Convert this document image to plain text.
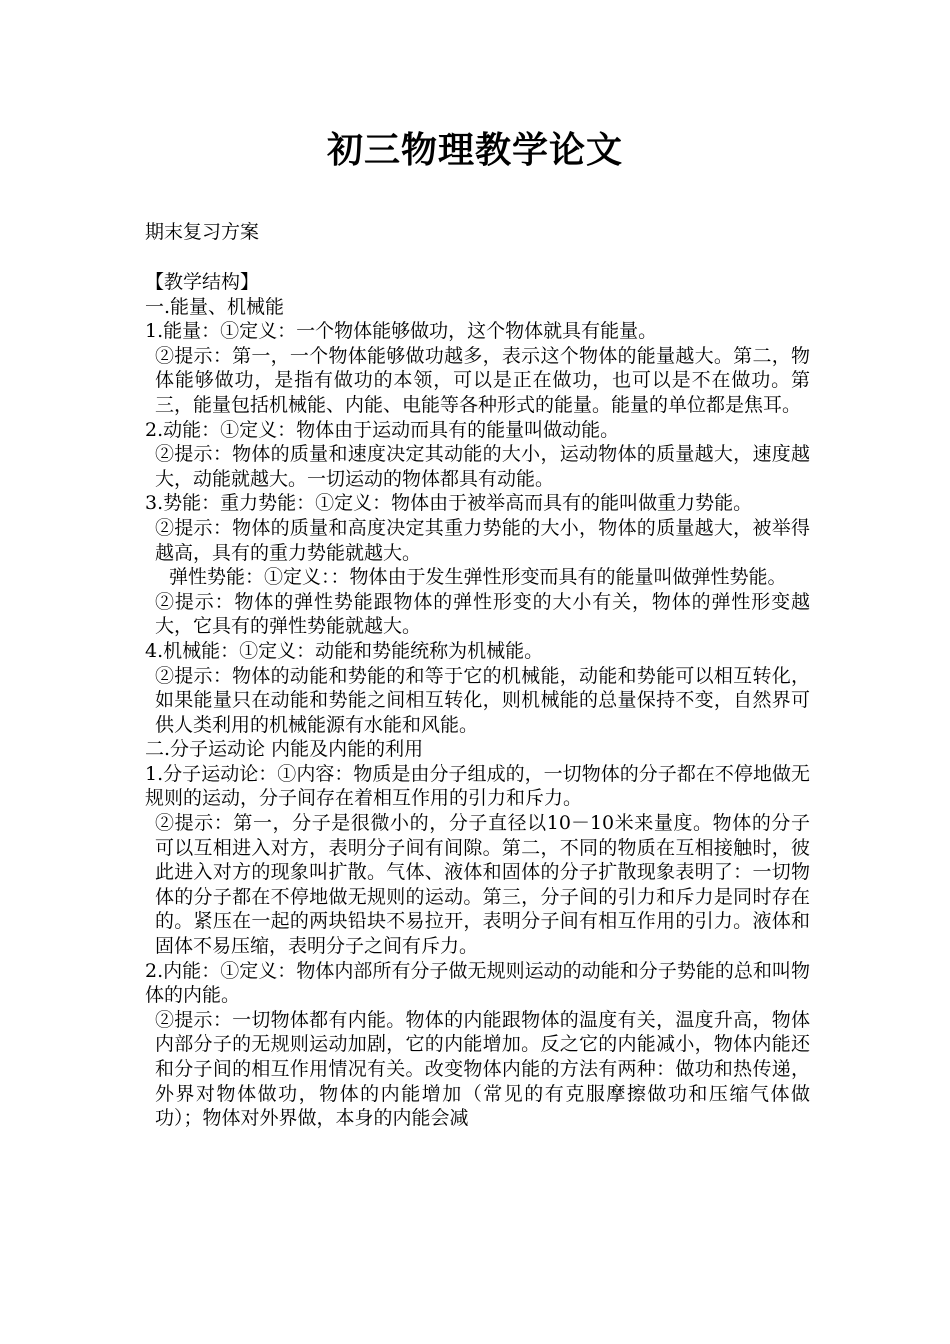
初三物理教学论文
期末复习方案

【教学结构】

一.能量、机械能

1.能量：①定义：一个物体能够做功，这个物体就具有能量。

②提示：第一，一个物体能够做功越多，表示这个物体的能量越大。第二，物体能够做功，是指有做功的本领，可以是正在做功，也可以是不在做功。第三，能量包括机械能、内能、电能等各种形式的能量。能量的单位都是焦耳。

2.动能：①定义：物体由于运动而具有的能量叫做动能。

②提示：物体的质量和速度决定其动能的大小，运动物体的质量越大，速度越大，动能就越大。一切运动的物体都具有动能。

3.势能：重力势能：①定义：物体由于被举高而具有的能叫做重力势能。

②提示：物体的质量和高度决定其重力势能的大小，物体的质量越大，被举得越高，具有的重力势能就越大。

弹性势能：①定义：：物体由于发生弹性形变而具有的能量叫做弹性势能。

②提示：物体的弹性势能跟物体的弹性形变的大小有关，物体的弹性形变越大，它具有的弹性势能就越大。

4.机械能：①定义：动能和势能统称为机械能。

②提示：物体的动能和势能的和等于它的机械能，动能和势能可以相互转化，如果能量只在动能和势能之间相互转化，则机械能的总量保持不变，自然界可供人类利用的机械能源有水能和风能。

二.分子运动论 内能及内能的利用

1.分子运动论：①内容：物质是由分子组成的，一切物体的分子都在不停地做无规则的运动，分子间存在着相互作用的引力和斥力。

②提示：第一，分子是很微小的，分子直径以10－10米来量度。物体的分子可以互相进入对方，表明分子间有间隙。第二，不同的物质在互相接触时，彼此进入对方的现象叫扩散。气体、液体和固体的分子扩散现象表明了：一切物体的分子都在不停地做无规则的运动。第三，分子间的引力和斥力是同时存在的。紧压在一起的两块铅块不易拉开，表明分子间有相互作用的引力。液体和固体不易压缩，表明分子之间有斥力。

2.内能：①定义：物体内部所有分子做无规则运动的动能和分子势能的总和叫物体的内能。

②提示：一切物体都有内能。物体的内能跟物体的温度有关，温度升高，物体内部分子的无规则运动加剧，它的内能增加。反之它的内能减小，物体内能还和分子间的相互作用情况有关。改变物体内能的方法有两种：做功和热传递，外界对物体做功，物体的内能增加（常见的有克服摩擦做功和压缩气体做功）；物体对外界做，本身的内能会减
